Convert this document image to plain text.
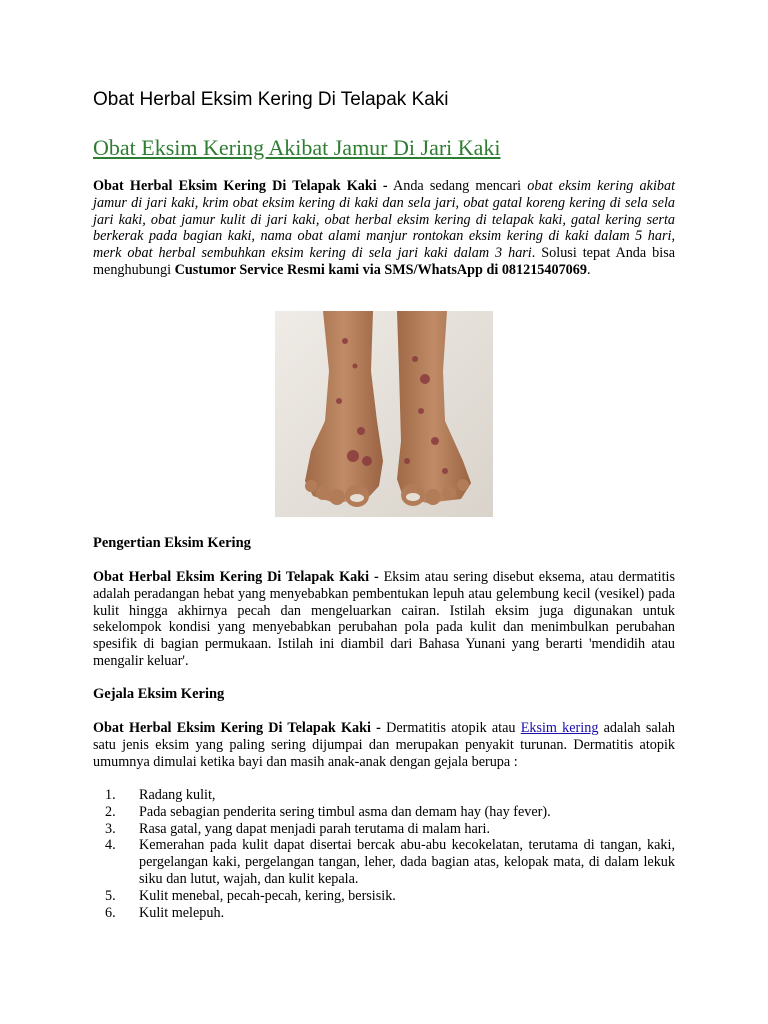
Obat Herbal Eksim Kering Di Telapak Kaki
Obat Eksim Kering Akibat Jamur Di Jari Kaki

Obat Herbal Eksim Kering Di Telapak Kaki - Anda sedang mencari obat eksim kering akibat jamur di jari kaki, krim obat eksim kering di kaki dan sela jari, obat gatal koreng kering di sela sela jari kaki, obat jamur kulit di jari kaki, obat herbal eksim kering di telapak kaki, gatal kering serta berkerak pada bagian kaki, nama obat alami manjur rontokan eksim kering di kaki dalam 5 hari, merk obat herbal sembuhkan eksim kering di sela jari kaki dalam 3 hari. Solusi tepat Anda bisa menghubungi Custumor Service Resmi kami via SMS/WhatsApp di 081215407069.

Pengertian Eksim Kering

Obat Herbal Eksim Kering Di Telapak Kaki - Eksim atau sering disebut eksema, atau dermatitis adalah peradangan hebat yang menyebabkan pembentukan lepuh atau gelembung kecil (vesikel) pada kulit hingga akhirnya pecah dan mengeluarkan cairan. Istilah eksim juga digunakan untuk sekelompok kondisi yang menyebabkan perubahan pola pada kulit dan menimbulkan perubahan spesifik di bagian permukaan. Istilah ini diambil dari Bahasa Yunani yang berarti 'mendidih atau mengalir keluar'.

Gejala Eksim Kering

Obat Herbal Eksim Kering Di Telapak Kaki - Dermatitis atopik atau Eksim kering adalah salah satu jenis eksim yang paling sering dijumpai dan merupakan penyakit turunan. Dermatitis atopik umumnya dimulai ketika bayi dan masih anak-anak dengan gejala berupa :

1. Radang kulit,
2. Pada sebagian penderita sering timbul asma dan demam hay (hay fever).
3. Rasa gatal, yang dapat menjadi parah terutama di malam hari.
4. Kemerahan pada kulit dapat disertai bercak abu-abu kecokelatan, terutama di tangan, kaki, pergelangan kaki, pergelangan tangan, leher, dada bagian atas, kelopak mata, di dalam lekuk siku dan lutut, wajah, dan kulit kepala.
5. Kulit menebal, pecah-pecah, kering, bersisik.
6. Kulit melepuh.
